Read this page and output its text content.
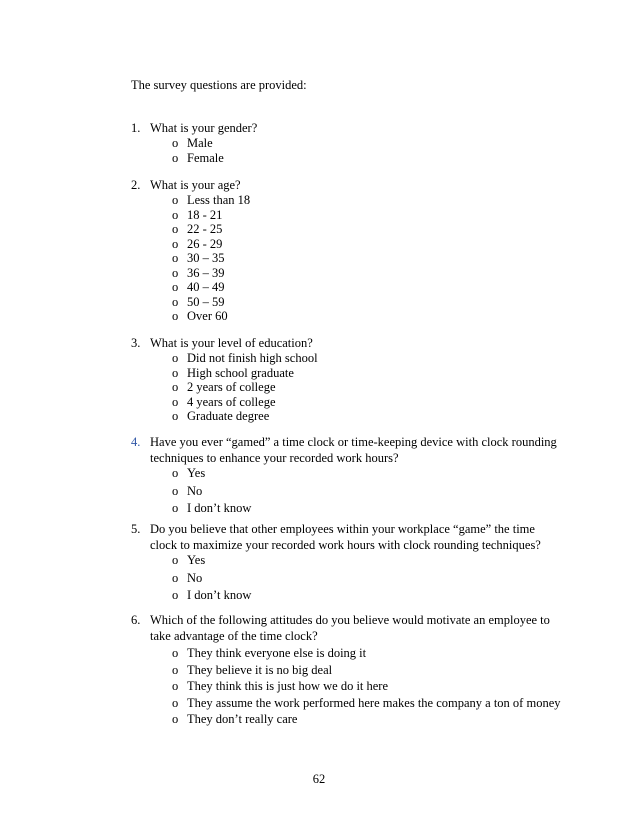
The survey questions are provided:
1. What is your gender?
o Male
o Female
2. What is your age?
o Less than 18
o 18 - 21
o 22 - 25
o 26 - 29
o 30 – 35
o 36 – 39
o 40 – 49
o 50 – 59
o Over 60
3. What is your level of education?
o Did not finish high school
o High school graduate
o 2 years of college
o 4 years of college
o Graduate degree
4. Have you ever “gamed” a time clock or time-keeping device with clock rounding
techniques to enhance your recorded work hours?
o Yes
o No
o I don’t know
5. Do you believe that other employees within your workplace “game” the time
clock to maximize your recorded work hours with clock rounding techniques?
o Yes
o No
o I don’t know
6. Which of the following attitudes do you believe would motivate an employee to
take advantage of the time clock?
o They think everyone else is doing it
o They believe it is no big deal
o They think this is just how we do it here
o They assume the work performed here makes the company a ton of money
o They don’t really care
62
